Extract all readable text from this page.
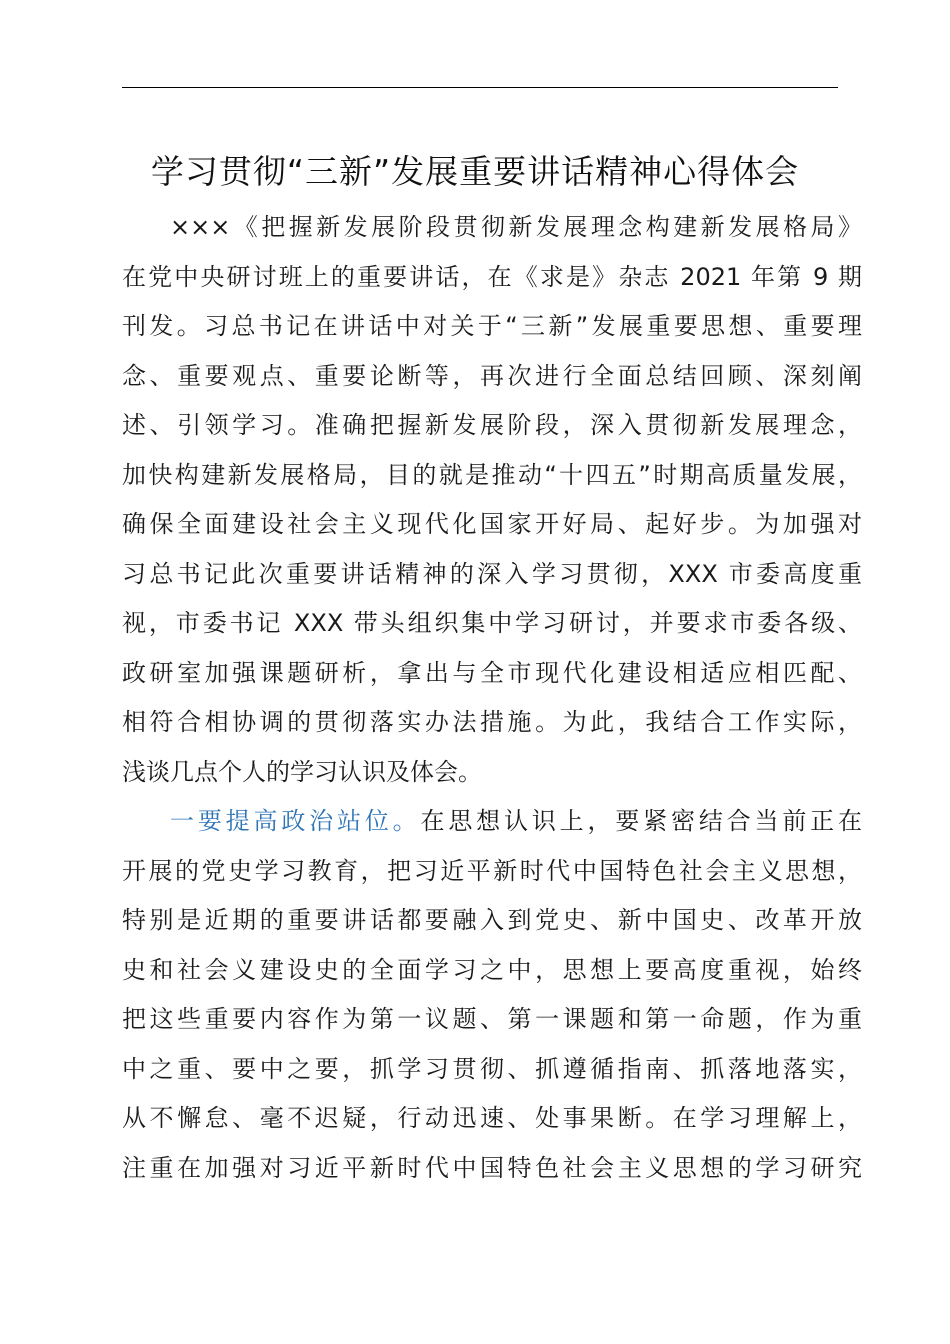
学习贯彻“三新”发展重要讲话精神心得体会

×××《把握新发展阶段贯彻新发展理念构建新发展格局》
在党中央研讨班上的重要讲话，在《求是》杂志 2021 年第 9 期
刊发。习总书记在讲话中对关于“三新”发展重要思想、重要理
念、重要观点、重要论断等，再次进行全面总结回顾、深刻阐
述、引领学习。准确把握新发展阶段，深入贯彻新发展理念，
加快构建新发展格局，目的就是推动“十四五”时期高质量发展，
确保全面建设社会主义现代化国家开好局、起好步。为加强对
习总书记此次重要讲话精神的深入学习贯彻，XXX 市委高度重
视，市委书记 XXX 带头组织集中学习研讨，并要求市委各级、
政研室加强课题研析，拿出与全市现代化建设相适应相匹配、
相符合相协调的贯彻落实办法措施。为此，我结合工作实际，
浅谈几点个人的学习认识及体会。

一要提高政治站位。在思想认识上，要紧密结合当前正在
开展的党史学习教育，把习近平新时代中国特色社会主义思想，
特别是近期的重要讲话都要融入到党史、新中国史、改革开放
史和社会义建设史的全面学习之中，思想上要高度重视，始终
把这些重要内容作为第一议题、第一课题和第一命题，作为重
中之重、要中之要，抓学习贯彻、抓遵循指南、抓落地落实，
从不懈怠、毫不迟疑，行动迅速、处事果断。在学习理解上，
注重在加强对习近平新时代中国特色社会主义思想的学习研究
